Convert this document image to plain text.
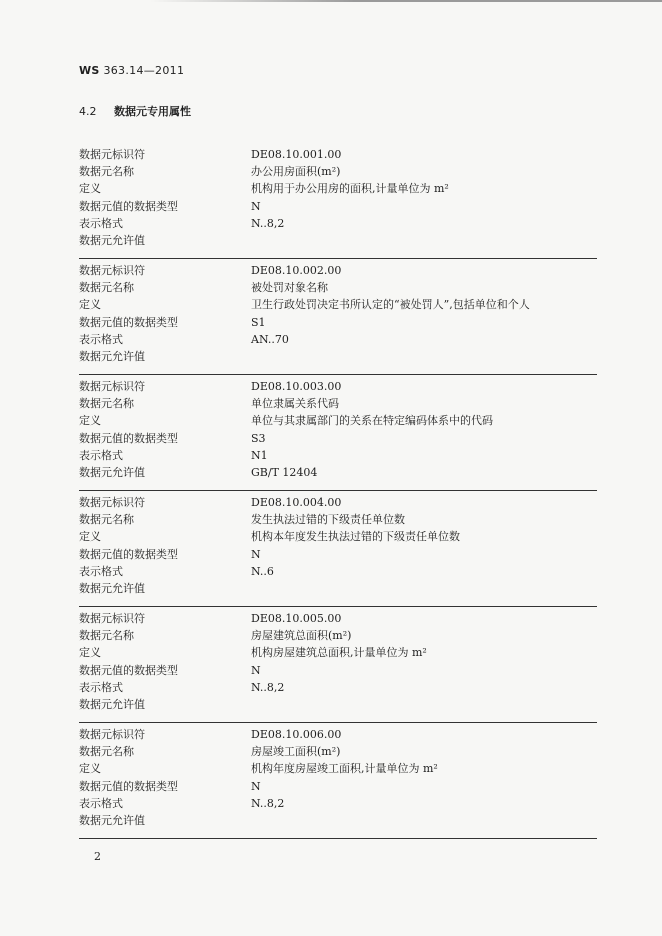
WS 363.14—2011
4.2 数据元专用属性
数据元标识符	DE08.10.001.00
数据元名称	办公用房面积(m²)
定义	机构用于办公用房的面积,计量单位为 m²
数据元值的数据类型	N
表示格式	N..8,2
数据元允许值
数据元标识符	DE08.10.002.00
数据元名称	被处罚对象名称
定义	卫生行政处罚决定书所认定的“被处罚人”,包括单位和个人
数据元值的数据类型	S1
表示格式	AN..70
数据元允许值
数据元标识符	DE08.10.003.00
数据元名称	单位隶属关系代码
定义	单位与其隶属部门的关系在特定编码体系中的代码
数据元值的数据类型	S3
表示格式	N1
数据元允许值	GB/T 12404
数据元标识符	DE08.10.004.00
数据元名称	发生执法过错的下级责任单位数
定义	机构本年度发生执法过错的下级责任单位数
数据元值的数据类型	N
表示格式	N..6
数据元允许值
数据元标识符	DE08.10.005.00
数据元名称	房屋建筑总面积(m²)
定义	机构房屋建筑总面积,计量单位为 m²
数据元值的数据类型	N
表示格式	N..8,2
数据元允许值
数据元标识符	DE08.10.006.00
数据元名称	房屋竣工面积(m²)
定义	机构年度房屋竣工面积,计量单位为 m²
数据元值的数据类型	N
表示格式	N..8,2
数据元允许值
2
